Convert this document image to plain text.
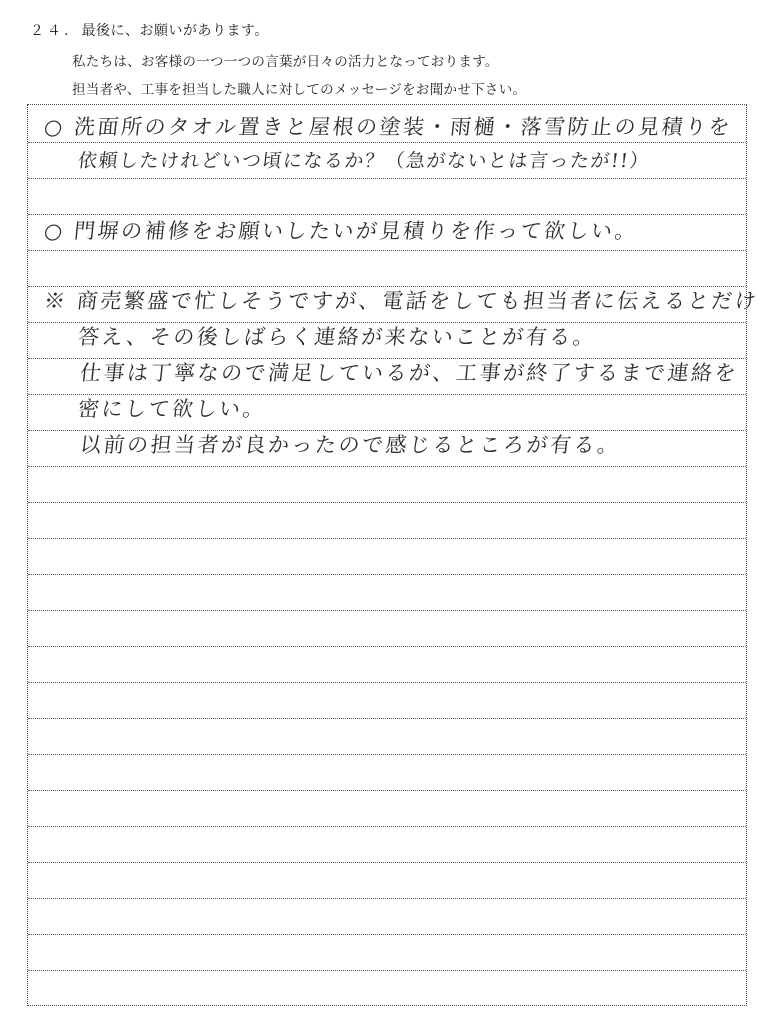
２４. 最後に、お願いがあります。
私たちは、お客様の一つ一つの言葉が日々の活力となっております。
担当者や、工事を担当した職人に対してのメッセージをお聞かせ下さい。
○ 洗面所のタオル置きと屋根の塗装・雨樋・落雪防止の見積りを
依頼したけれどいつ頃になるか？（急がないとは言ったが!!）
○ 門塀の補修をお願いしたいが見積りを作って欲しい。
※ 商売繁盛で忙しそうですが、電話をしても担当者に伝えるとだけ
答え、その後しばらく連絡が来ないことが有る。
仕事は丁寧なので満足しているが、工事が終了するまで連絡を
密にして欲しい。
以前の担当者が良かったので感じるところが有る。
